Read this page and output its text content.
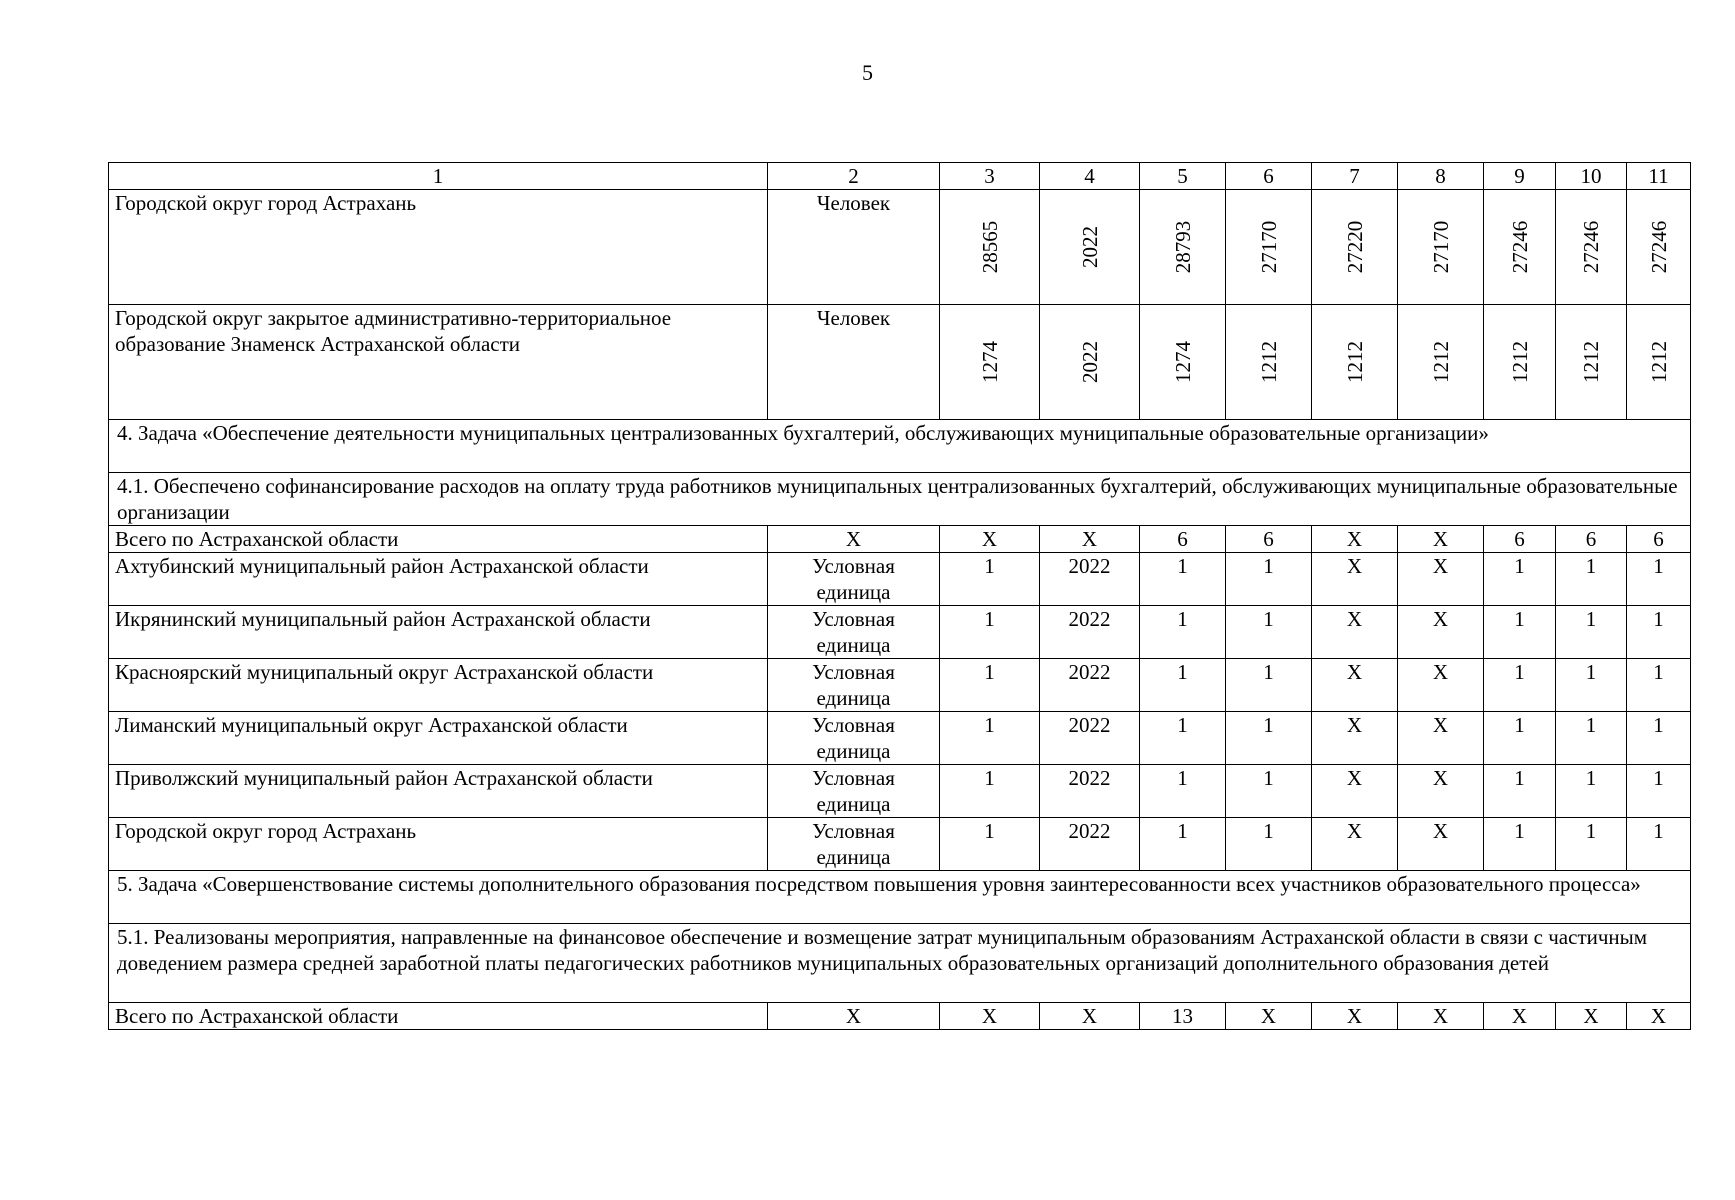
5
1	2	3	4	5	6	7	8	9	10	11
Городской округ город Астрахань	Человек	28565	2022	28793	27170	27220	27170	27246	27246	27246

Городской округ закрытое административно-территориальное образование Знаменск Астраханской области	Человек	1274	2022	1274	1212	1212	1212	1212	1212	1212

4. Задача «Обеспечение деятельности муниципальных централизованных бухгалтерий, обслуживающих муниципальные образовательные организации»										
4.1. Обеспечено софинансирование расходов на оплату труда работников муниципальных централизованных бухгалтерий, обслуживающих муниципальные образовательные организации										
Всего по Астраханской области	Х	Х	Х	6	6	Х	Х	6	6	6
Ахтубинский муниципальный район Астраханской области	Условная единица	1	2022	1	1	Х	Х	1	1	1
Икрянинский муниципальный район Астраханской области	Условная единица	1	2022	1	1	Х	Х	1	1	1
Красноярский муниципальный округ Астраханской области	Условная единица	1	2022	1	1	Х	Х	1	1	1
Лиманский муниципальный округ Астраханской области	Условная единица	1	2022	1	1	Х	Х	1	1	1
Приволжский муниципальный район Астраханской области	Условная единица	1	2022	1	1	Х	Х	1	1	1
Городской округ город Астрахань	Условная единица	1	2022	1	1	Х	Х	1	1	1
5. Задача «Совершенствование системы дополнительного образования посредством повышения уровня заинтересованности всех участников образовательного процесса»										
5.1. Реализованы мероприятия, направленные на финансовое обеспечение и возмещение затрат муниципальным образованиям Астраханской области в связи с частичным доведением размера средней заработной платы педагогических работников муниципальных образовательных организаций дополнительного образования детей										
Всего по Астраханской области	Х	Х	Х	13	Х	Х	Х	Х	Х	Х
